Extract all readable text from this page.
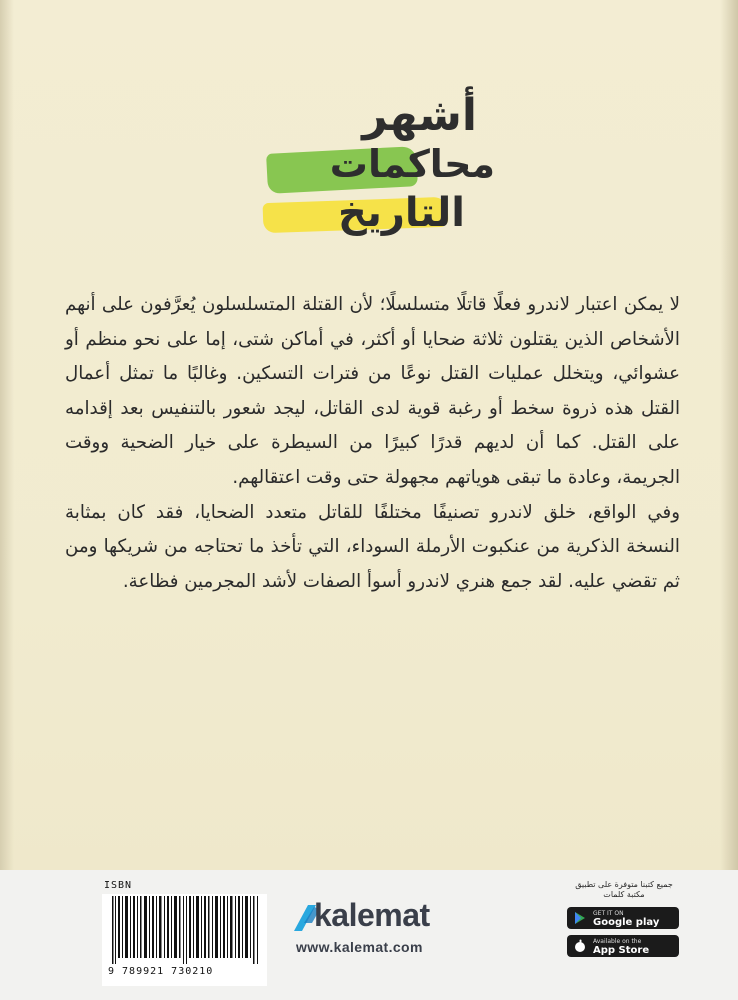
أشهر
محاكمات
التاريخ

لا يمكن اعتبار لاندرو فعلًا قاتلًا متسلسلًا؛ لأن القتلة المتسلسلون يُعرَّفون على أنهم الأشخاص الذين يقتلون ثلاثة ضحايا أو أكثر، في أماكن شتى، إما على نحو منظم أو عشوائي، ويتخلل عمليات القتل نوعًا من فترات التسكين. وغالبًا ما تمثل أعمال القتل هذه ذروة سخط أو رغبة قوية لدى القاتل، ليجد شعور بالتنفيس بعد إقدامه على القتل. كما أن لديهم قدرًا كبيرًا من السيطرة على خيار الضحية ووقت الجريمة، وعادة ما تبقى هوياتهم مجهولة حتى وقت اعتقالهم.

وفي الواقع، خلق لاندرو تصنيفًا مختلفًا للقاتل متعدد الضحايا، فقد كان بمثابة النسخة الذكرية من عنكبوت الأرملة السوداء، التي تأخذ ما تحتاجه من شريكها ومن ثم تقضي عليه. لقد جمع هنري لاندرو أسوأ الصفات لأشد المجرمين فظاعة.

ISBN
9 789921 730210
kalemat
www.kalemat.com
جميع كتبنا متوفرة على تطبيق مكتبة كلمات
GET IT ON
Google play
Available on the
App Store
